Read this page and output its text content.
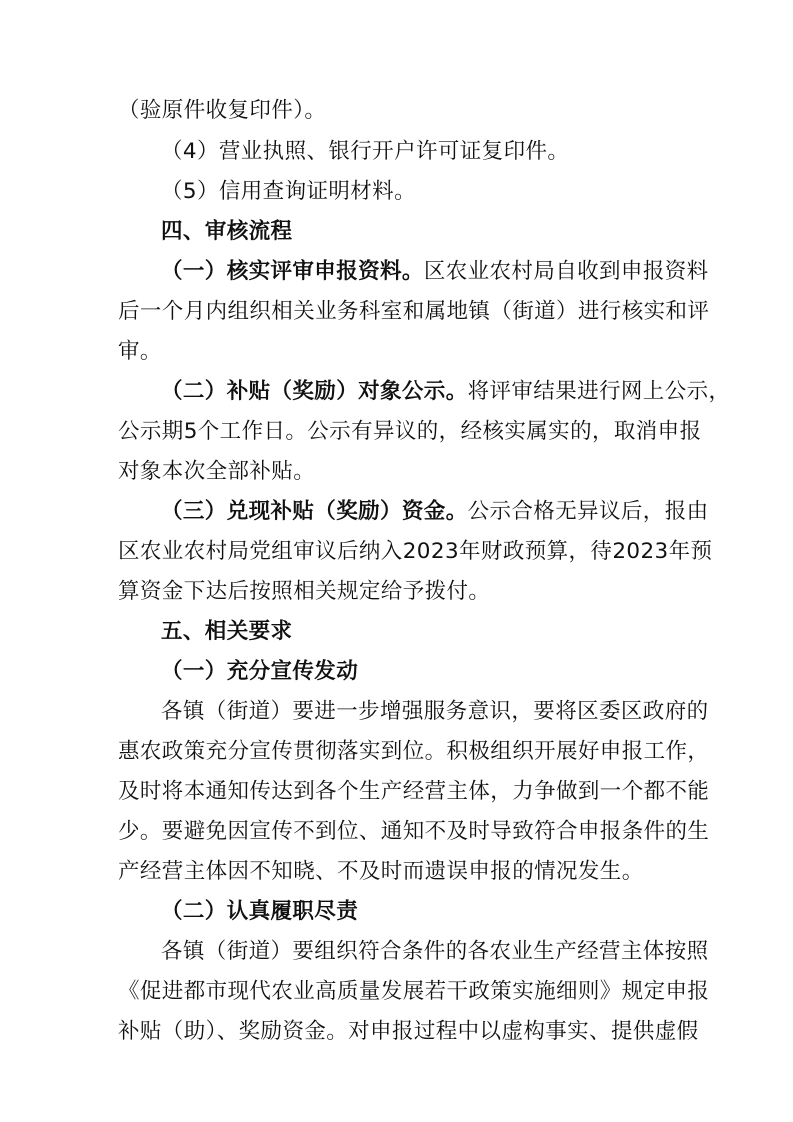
（验原件收复印件）。
（4）营业执照、银行开户许可证复印件。
（5）信用查询证明材料。
四、审核流程
（一）核实评审申报资料。区农业农村局自收到申报资料
后一个月内组织相关业务科室和属地镇（街道）进行核实和评
审。
（二）补贴（奖励）对象公示。将评审结果进行网上公示，
公示期5个工作日。公示有异议的，经核实属实的，取消申报
对象本次全部补贴。
（三）兑现补贴（奖励）资金。公示合格无异议后，报由
区农业农村局党组审议后纳入2023年财政预算，待2023年预
算资金下达后按照相关规定给予拨付。
五、相关要求
（一）充分宣传发动
各镇（街道）要进一步增强服务意识，要将区委区政府的
惠农政策充分宣传贯彻落实到位。积极组织开展好申报工作，
及时将本通知传达到各个生产经营主体，力争做到一个都不能
少。要避免因宣传不到位、通知不及时导致符合申报条件的生
产经营主体因不知晓、不及时而遗误申报的情况发生。
（二）认真履职尽责
各镇（街道）要组织符合条件的各农业生产经营主体按照
《促进都市现代农业高质量发展若干政策实施细则》规定申报
补贴（助）、奖励资金。对申报过程中以虚构事实、提供虚假
